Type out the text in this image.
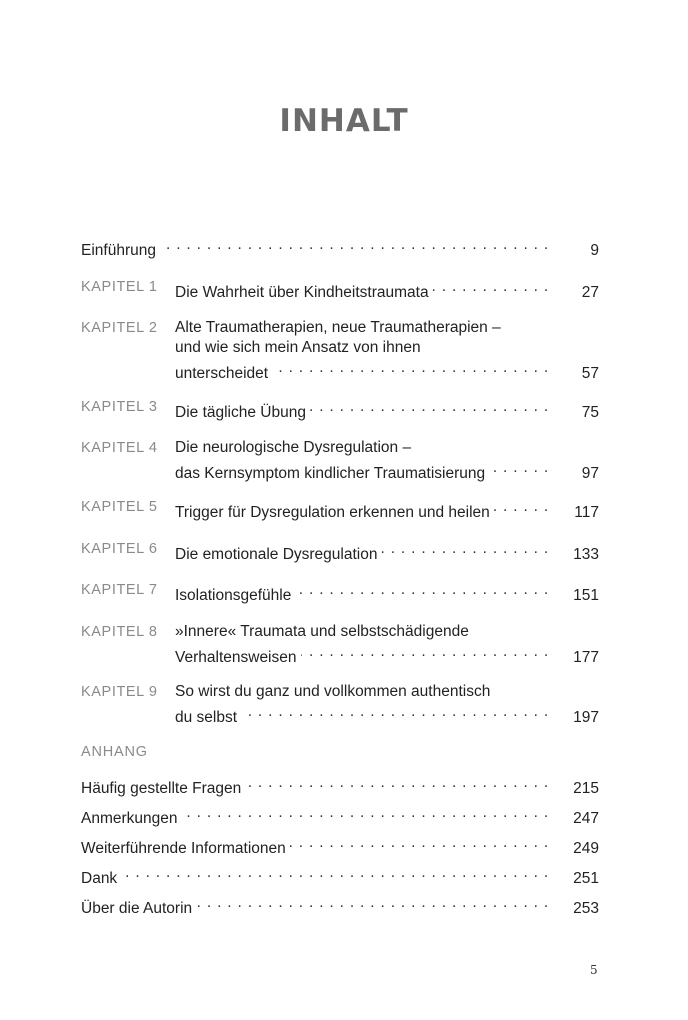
INHALT
Einführung . . .	9
KAPITEL 1 Die Wahrheit über Kindheitstraumata . . .	27
KAPITEL 2 Alte Traumatherapien, neue Traumatherapien –
und wie sich mein Ansatz von ihnen
unterscheidet . . .	57
KAPITEL 3 Die tägliche Übung . . .	75
KAPITEL 4 Die neurologische Dysregulation –
das Kernsymptom kindlicher Traumatisierung . . .	97
KAPITEL 5 Trigger für Dysregulation erkennen und heilen . . .	117
KAPITEL 6 Die emotionale Dysregulation . . .	133
KAPITEL 7 Isolationsgefühle . . .	151
KAPITEL 8 »Innere« Traumata und selbstschädigende
Verhaltensweisen . . .	177
KAPITEL 9 So wirst du ganz und vollkommen authentisch
du selbst . . .	197
ANHANG
Häufig gestellte Fragen . . .	215
Anmerkungen . . .	247
Weiterführende Informationen . . .	249
Dank . . .	251
Über die Autorin . . .	253
5
